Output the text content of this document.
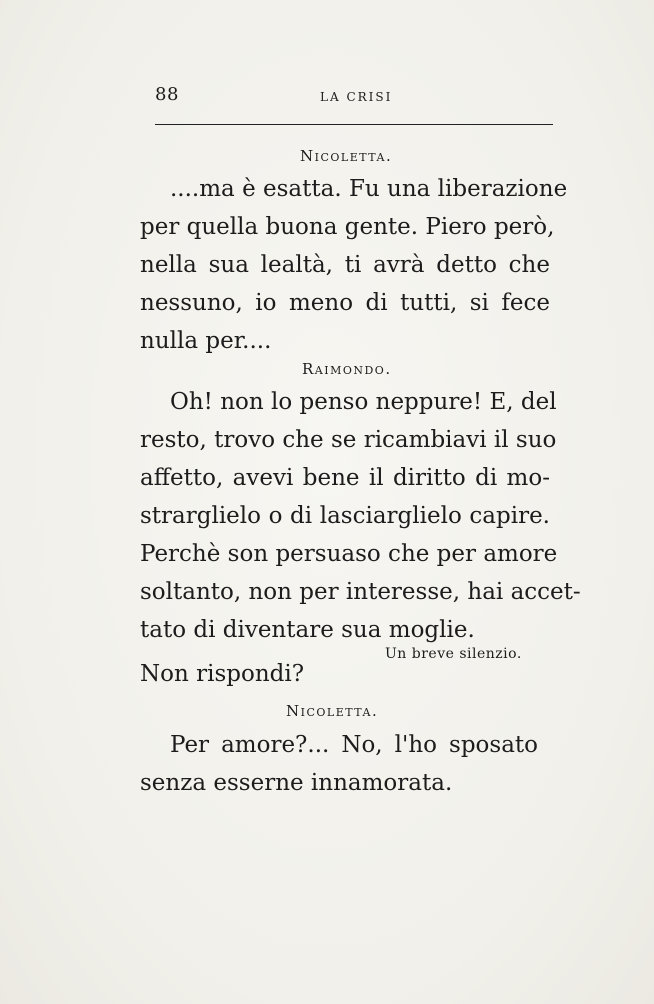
88	LA CRISI
Nicoletta.
....ma è esatta. Fu una liberazione
per quella buona gente. Piero però,
nella sua lealtà, ti avrà detto che
nessuno, io meno di tutti, si fece
nulla per....
Raimondo.
Oh! non lo penso neppure! E, del
resto, trovo che se ricambiavi il suo
affetto, avevi bene il diritto di mo-
strarglielo o di lasciarglielo capire.
Perchè son persuaso che per amore
soltanto, non per interesse, hai accet-
tato di diventare sua moglie.
Un breve silenzio.
Non rispondi?
Nicoletta.
Per amore?... No, l'ho sposato
senza esserne innamorata.
